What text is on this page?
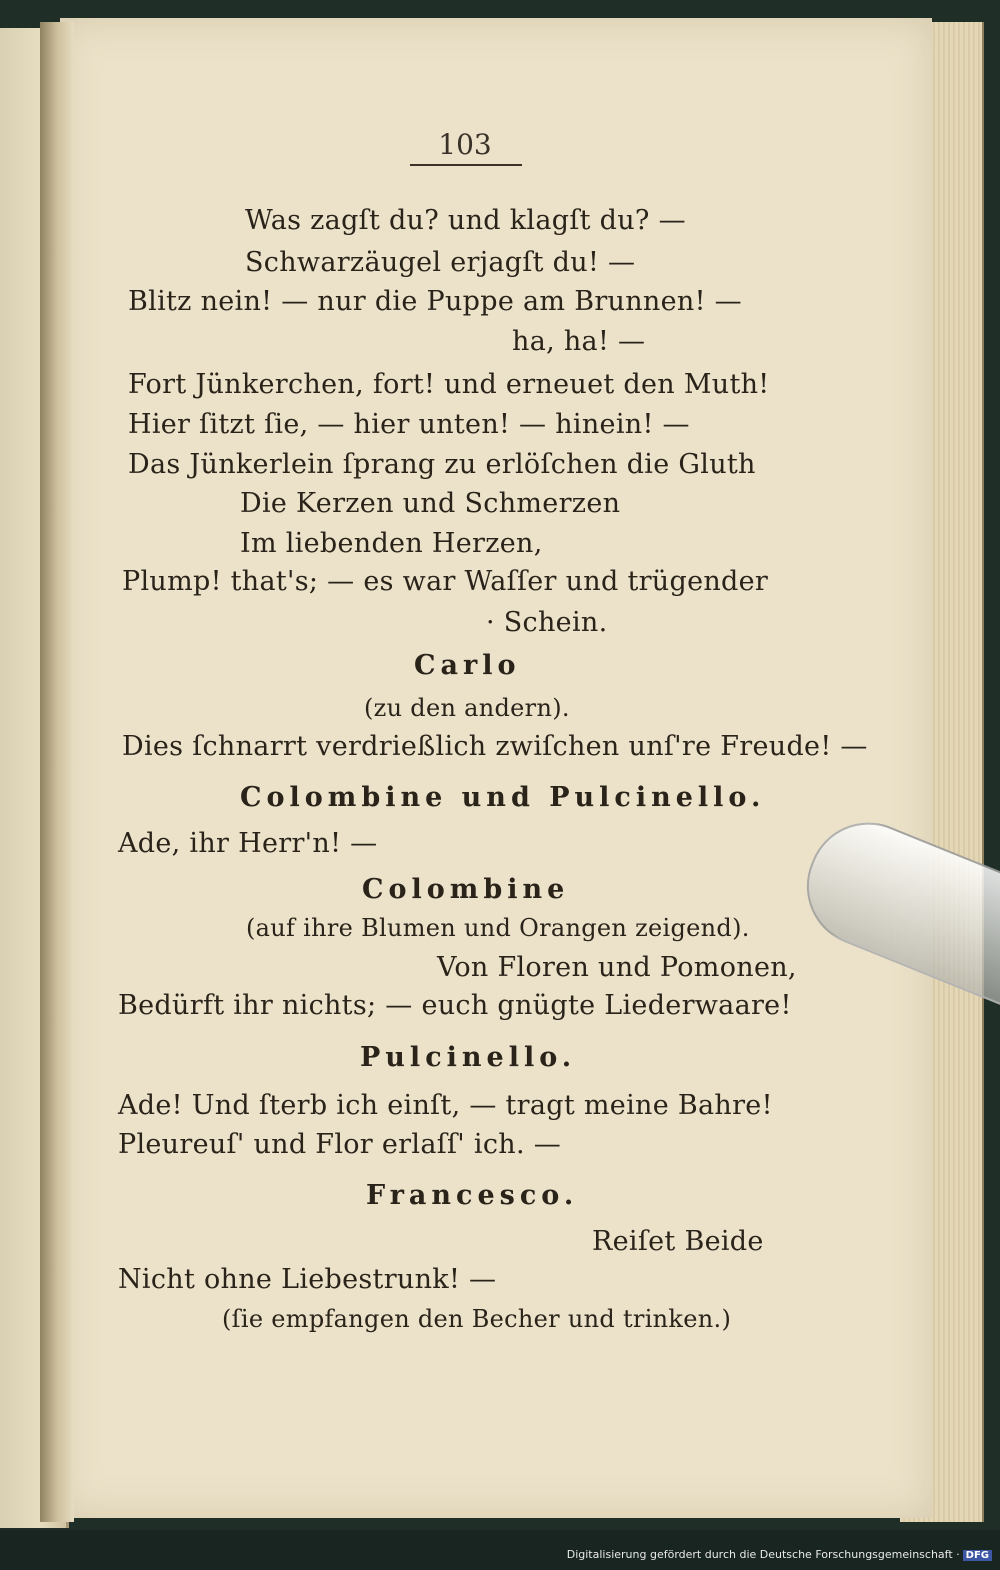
103
Was zagſt du? und klagſt du? —
Schwarzäugel erjagſt du! —
Blitz nein! — nur die Puppe am Brunnen! —
ha, ha! —
Fort Jünkerchen, fort! und erneuet den Muth!
Hier ſitzt ſie, — hier unten! — hinein! —
Das Jünkerlein ſprang zu erlöſchen die Gluth
Die Kerzen und Schmerzen
Im liebenden Herzen,
Plump! that's; — es war Waſſer und trügender
· Schein.
Carlo
(zu den andern).
Dies ſchnarrt verdrießlich zwiſchen unſ're Freude! —
Colombine und Pulcinello.
Ade, ihr Herr'n! —
Colombine
(auf ihre Blumen und Orangen zeigend).
Von Floren und Pomonen,
Bedürft ihr nichts; — euch gnügte Liederwaare!
Pulcinello.
Ade! Und ſterb ich einſt, — tragt meine Bahre!
Pleureuſ' und Flor erlaſſ' ich. —
Francesco.
Reiſet Beide
Nicht ohne Liebestrunk! —
(ſie empfangen den Becher und trinken.)
Digitalisierung gefördert durch die Deutsche Forschungsgemeinschaft · DFG
